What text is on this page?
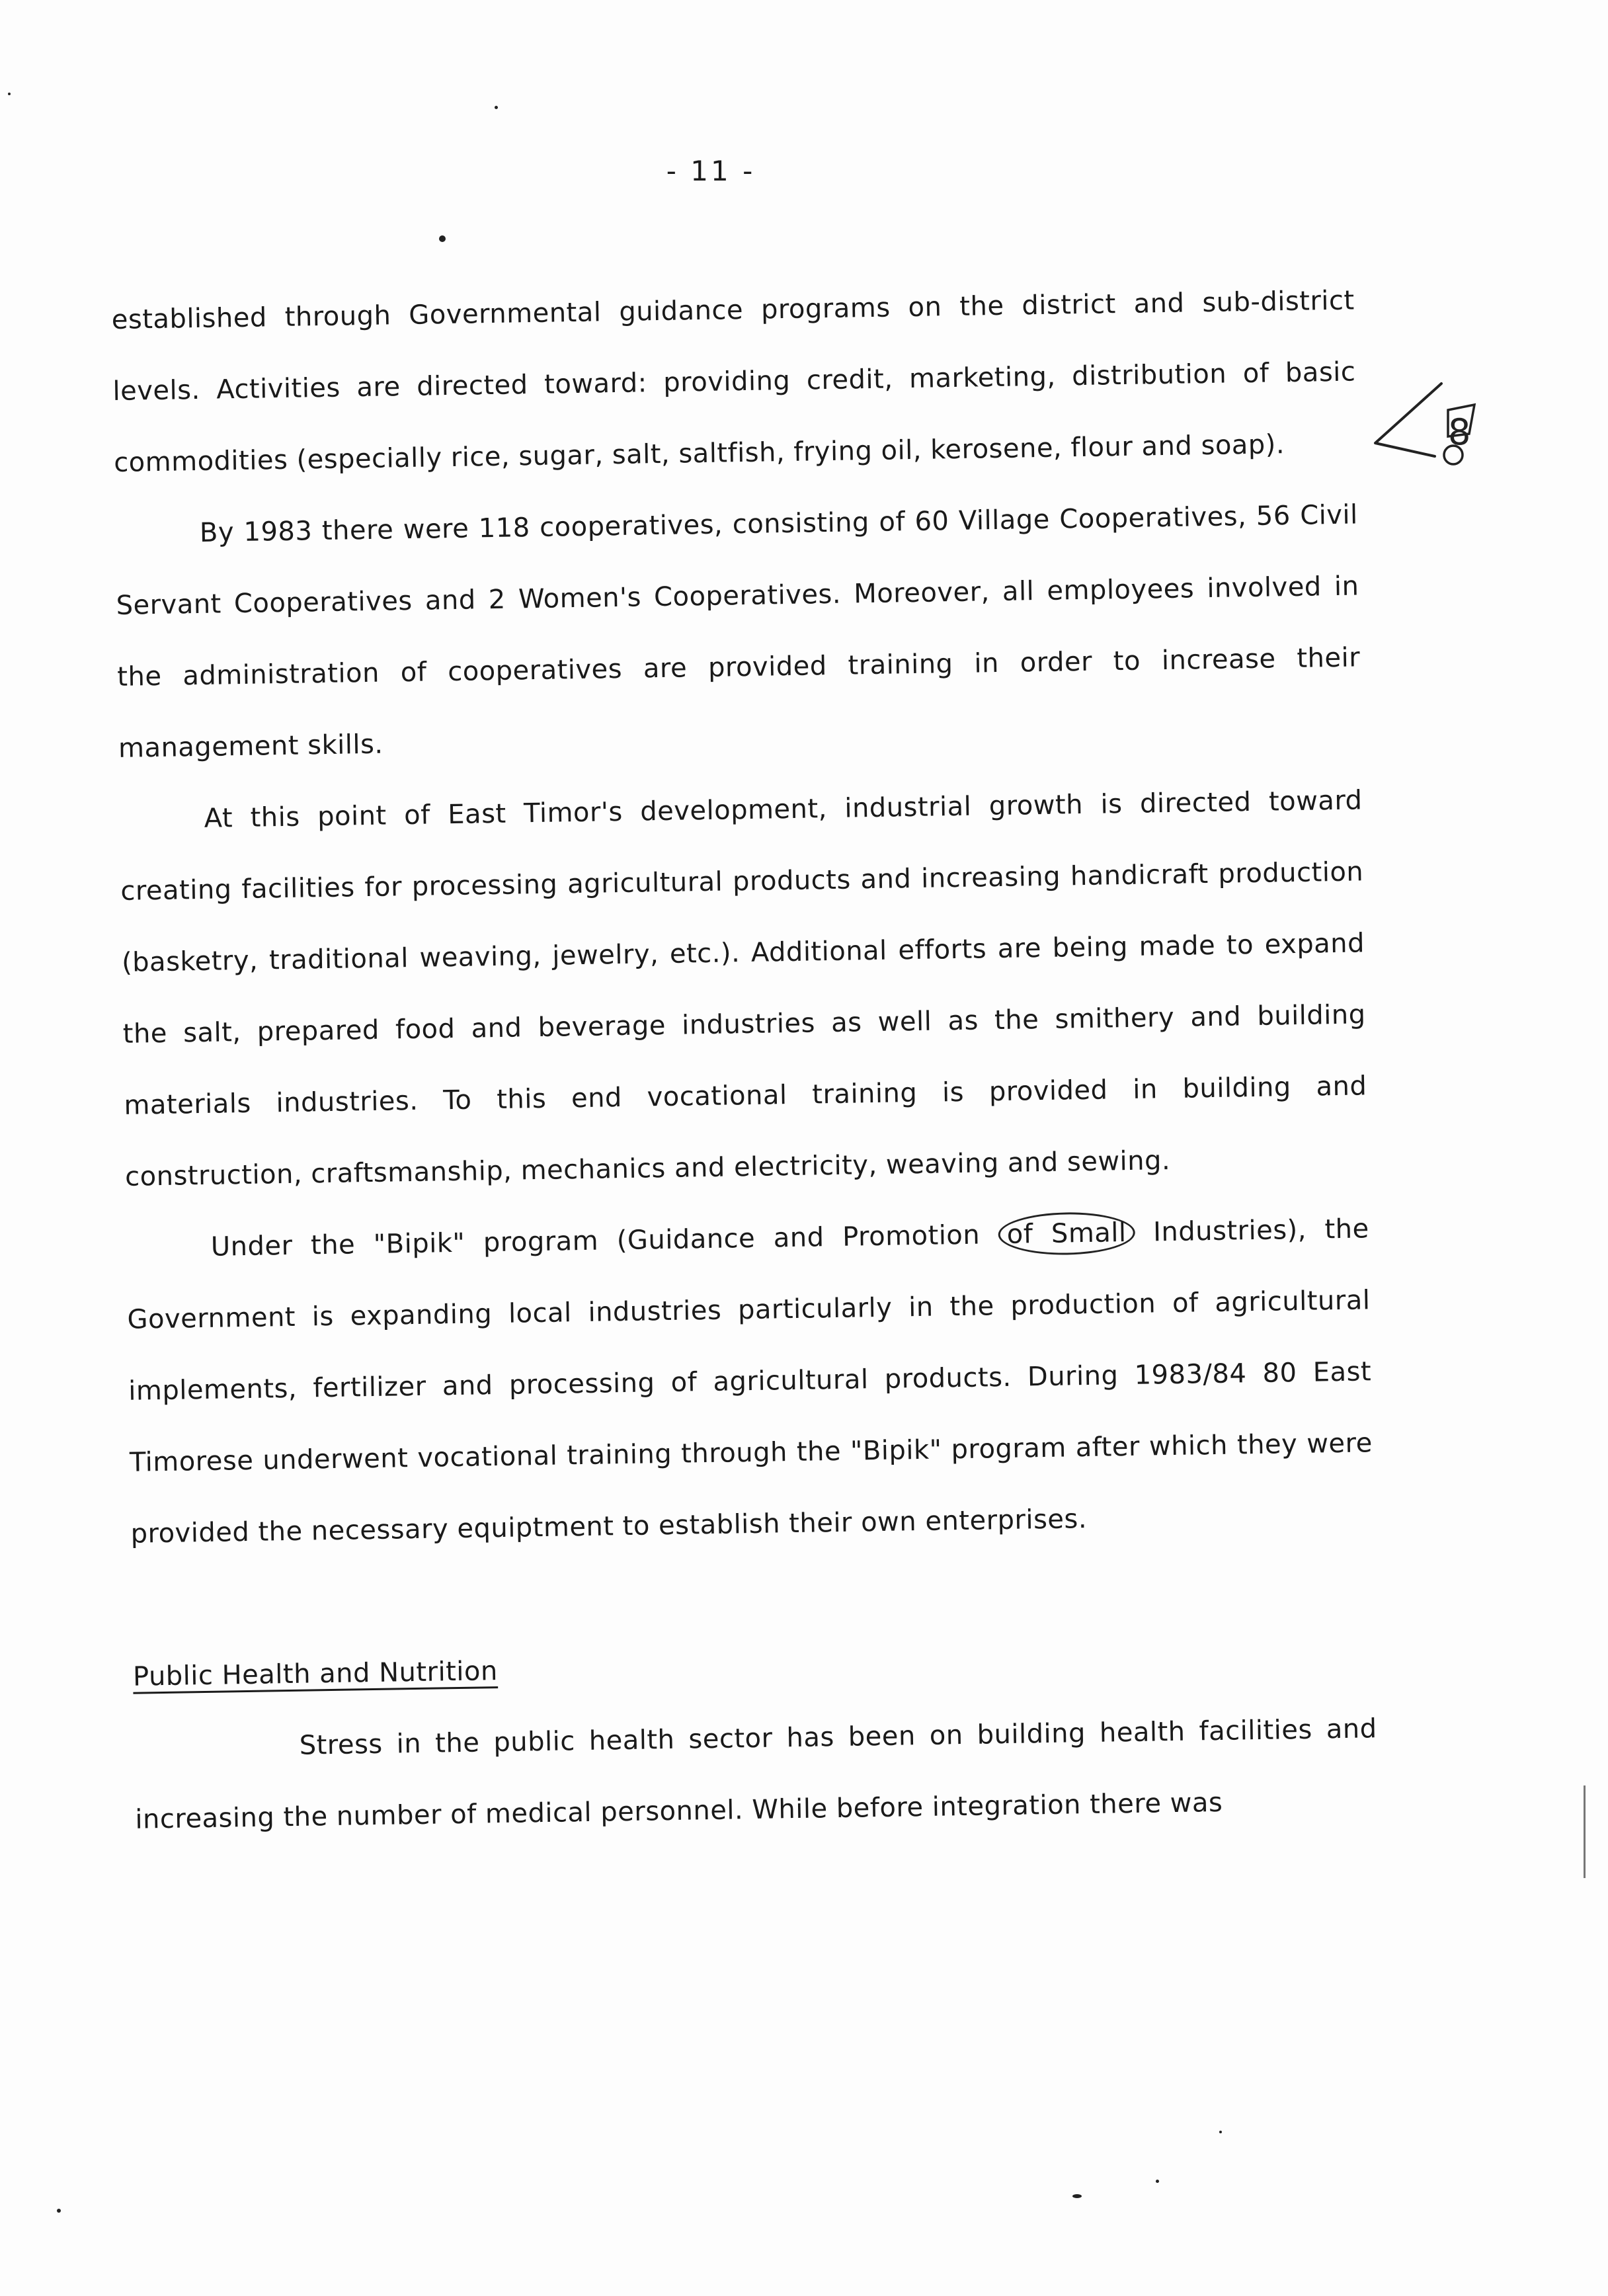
- 11 -

established through Governmental guidance programs on the district and sub-district levels. Activities are directed toward: providing credit, marketing, distribution of basic commodities (especially rice, sugar, salt, saltfish, frying oil, kerosene, flour and soap).

By 1983 there were 118 cooperatives, consisting of 60 Village Cooperatives, 56 Civil Servant Cooperatives and 2 Women's Cooperatives. Moreover, all employees involved in the administration of cooperatives are provided training in order to increase their management skills.

At this point of East Timor's development, industrial growth is directed toward creating facilities for processing agricultural products and increasing handicraft production (basketry, traditional weaving, jewelry, etc.). Additional efforts are being made to expand the salt, prepared food and beverage industries as well as the smithery and building materials industries. To this end vocational training is provided in building and construction, craftsmanship, mechanics and electricity, weaving and sewing.

Under the "Bipik" program (Guidance and Promotion of Small Industries), the Government is expanding local industries particularly in the production of agricultural implements, fertilizer and processing of agricultural products. During 1983/84 80 East Timorese underwent vocational training through the "Bipik" program after which they were provided the necessary equiptment to establish their own enterprises.

Public Health and Nutrition

Stress in the public health sector has been on building health facilities and increasing the number of medical personnel. While before integration there was

8
